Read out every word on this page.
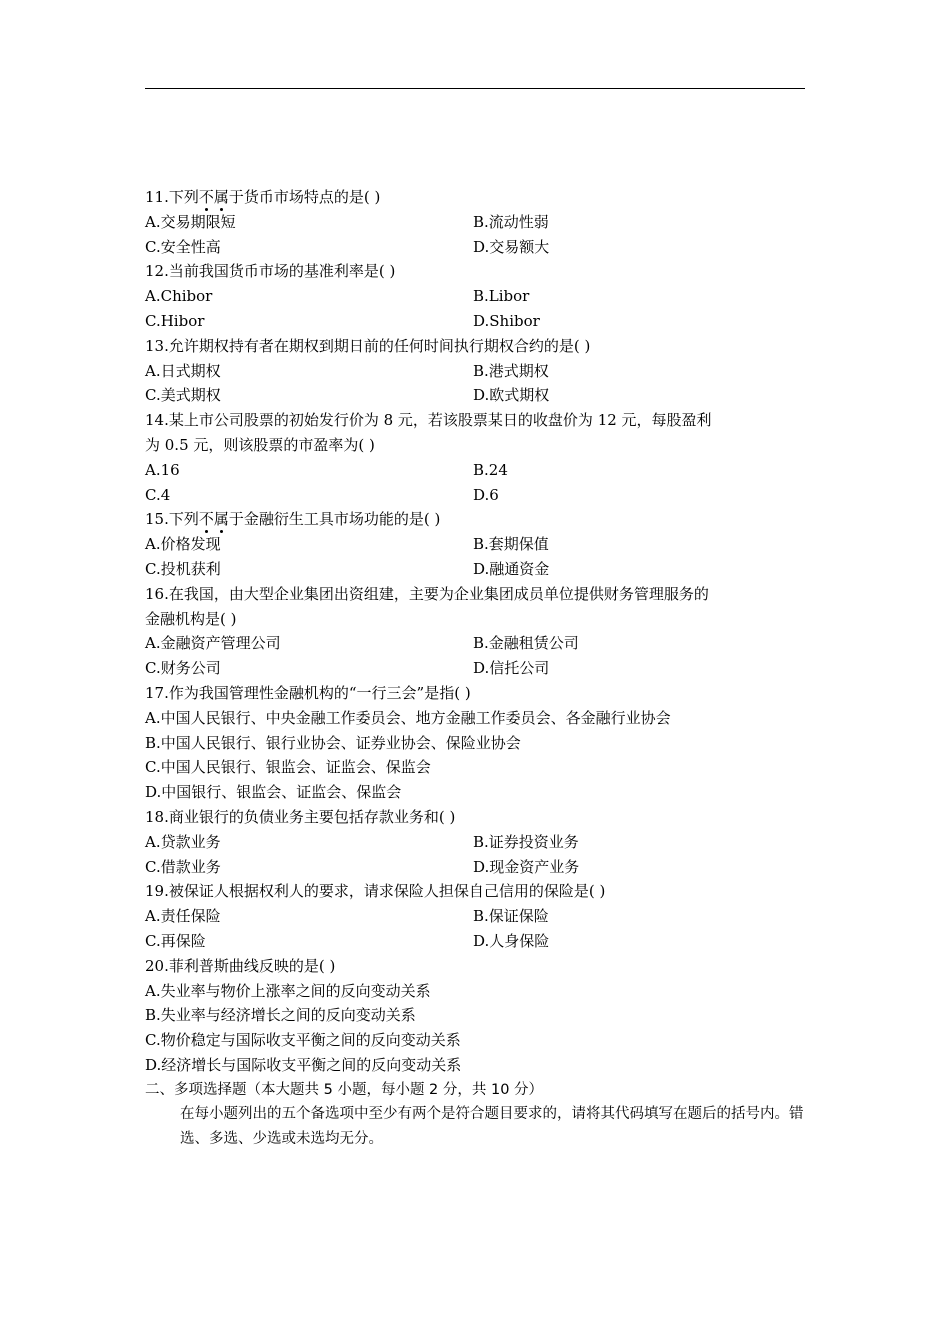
11.下列不属于货币市场特点的是( )
A.交易期限短	B.流动性弱
C.安全性高	D.交易额大
12.当前我国货币市场的基准利率是( )
A.Chibor	B.Libor
C.Hibor	D.Shibor
13.允许期权持有者在期权到期日前的任何时间执行期权合约的是( )
A.日式期权	B.港式期权
C.美式期权	D.欧式期权
14.某上市公司股票的初始发行价为 8 元，若该股票某日的收盘价为 12 元，每股盈利
为 0.5 元，则该股票的市盈率为( )
A.16	B.24
C.4	D.6
15.下列不属于金融衍生工具市场功能的是( )
A.价格发现	B.套期保值
C.投机获利	D.融通资金
16.在我国，由大型企业集团出资组建，主要为企业集团成员单位提供财务管理服务的
金融机构是( )
A.金融资产管理公司	B.金融租赁公司
C.财务公司	D.信托公司
17.作为我国管理性金融机构的“一行三会”是指( )
A.中国人民银行、中央金融工作委员会、地方金融工作委员会、各金融行业协会
B.中国人民银行、银行业协会、证券业协会、保险业协会
C.中国人民银行、银监会、证监会、保监会
D.中国银行、银监会、证监会、保监会
18.商业银行的负债业务主要包括存款业务和( )
A.贷款业务	B.证券投资业务
C.借款业务	D.现金资产业务
19.被保证人根据权利人的要求，请求保险人担保自己信用的保险是( )
A.责任保险	B.保证保险
C.再保险	D.人身保险
20.菲利普斯曲线反映的是( )
A.失业率与物价上涨率之间的反向变动关系
B.失业率与经济增长之间的反向变动关系
C.物价稳定与国际收支平衡之间的反向变动关系
D.经济增长与国际收支平衡之间的反向变动关系
二、多项选择题（本大题共 5 小题，每小题 2 分，共 10 分）
在每小题列出的五个备选项中至少有两个是符合题目要求的，请将其代码填写在题后的括号内。错选、多选、少选或未选均无分。
